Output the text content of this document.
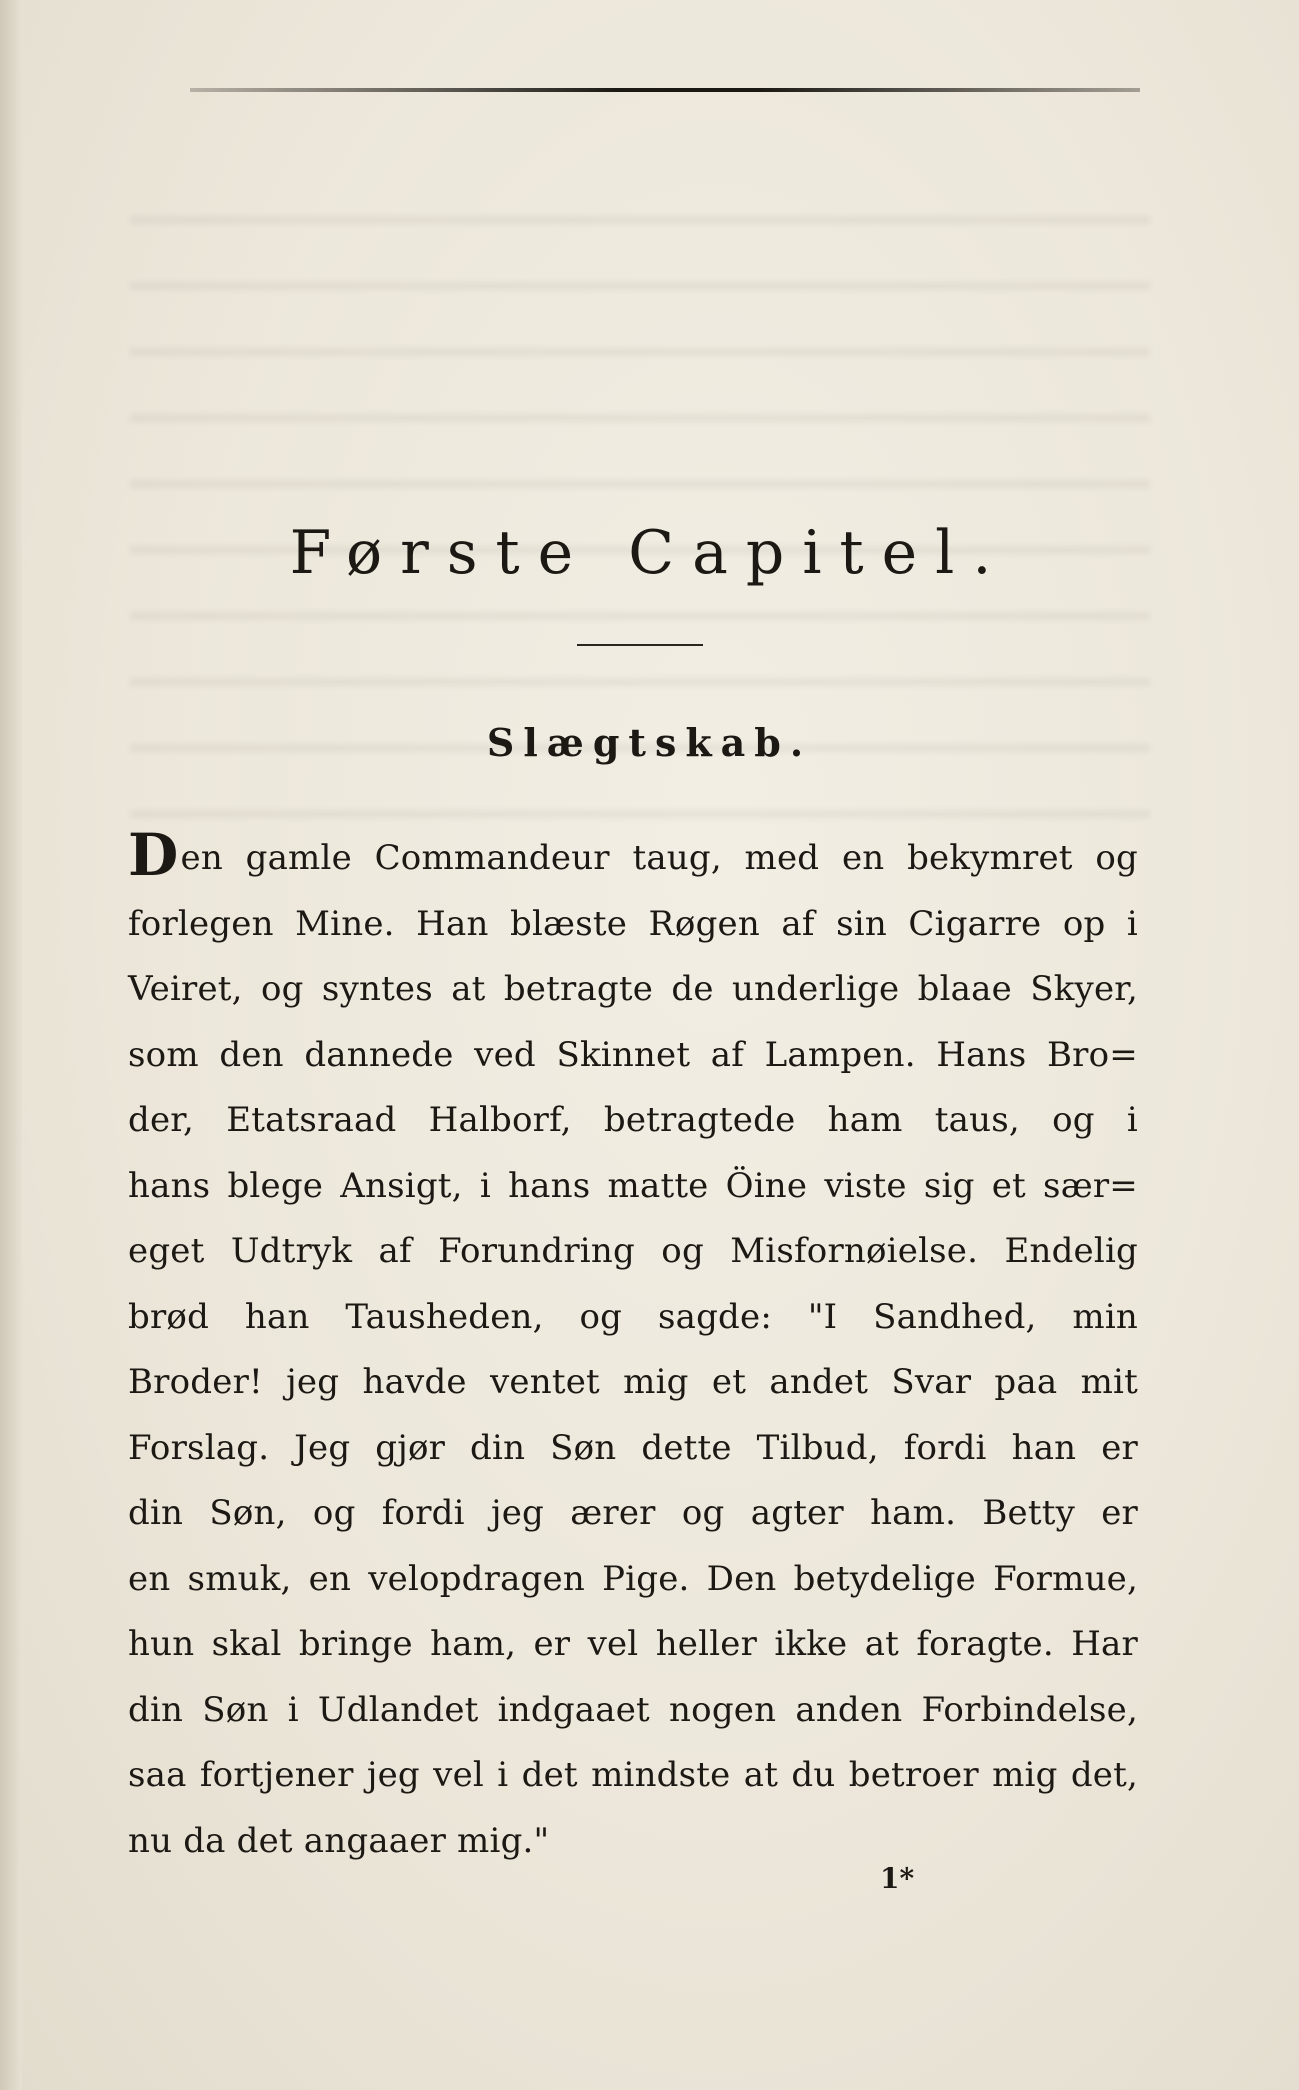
Første Capitel.
Slægtskab.
Den gamle Commandeur taug, med en bekymret og
forlegen Mine. Han blæste Røgen af sin Cigarre op i
Veiret, og syntes at betragte de underlige blaae Skyer,
som den dannede ved Skinnet af Lampen. Hans Bro=
der, Etatsraad Halborf, betragtede ham taus, og i
hans blege Ansigt, i hans matte Öine viste sig et sær=
eget Udtryk af Forundring og Misfornøielse. Endelig
brød han Tausheden, og sagde: "I Sandhed, min
Broder! jeg havde ventet mig et andet Svar paa mit
Forslag. Jeg gjør din Søn dette Tilbud, fordi han er
din Søn, og fordi jeg ærer og agter ham. Betty er
en smuk, en velopdragen Pige. Den betydelige Formue,
hun skal bringe ham, er vel heller ikke at foragte. Har
din Søn i Udlandet indgaaet nogen anden Forbindelse,
saa fortjener jeg vel i det mindste at du betroer mig det,
nu da det angaaer mig."
1*
